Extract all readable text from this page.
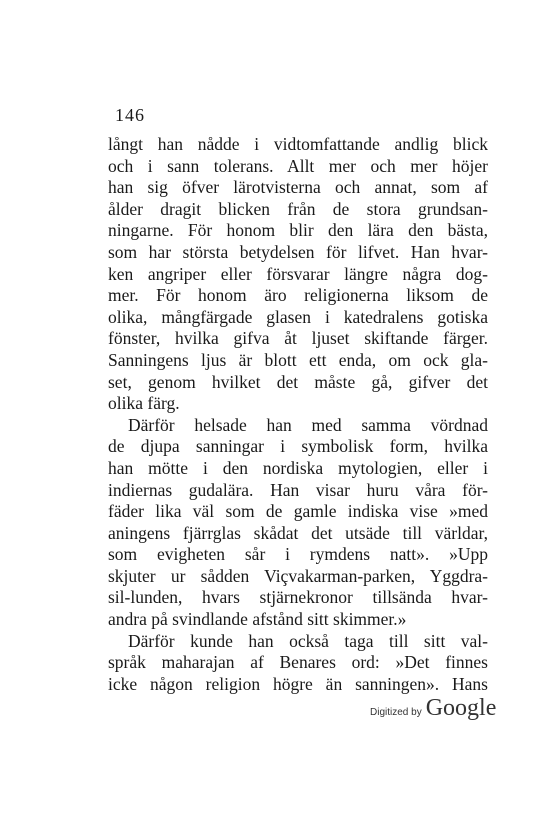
146
långt han nådde i vidtomfattande andlig blick
och i sann tolerans. Allt mer och mer höjer
han sig öfver lärotvisterna och annat, som af
ålder dragit blicken från de stora grundsan-
ningarne. För honom blir den lära den bästa,
som har största betydelsen för lifvet. Han hvar-
ken angriper eller försvarar längre några dog-
mer. För honom äro religionerna liksom de
olika, mångfärgade glasen i katedralens gotiska
fönster, hvilka gifva åt ljuset skiftande färger.
Sanningens ljus är blott ett enda, om ock gla-
set, genom hvilket det måste gå, gifver det
olika färg.
Därför helsade han med samma vördnad
de djupa sanningar i symbolisk form, hvilka
han mötte i den nordiska mytologien, eller i
indiernas gudalära. Han visar huru våra för-
fäder lika väl som de gamle indiska vise »med
aningens fjärrglas skådat det utsäde till världar,
som evigheten sår i rymdens natt». »Upp
skjuter ur sådden Viçvakarman-parken, Yggdra-
sil-lunden, hvars stjärnekronor tillsända hvar-
andra på svindlande afstånd sitt skimmer.»
Därför kunde han också taga till sitt val-
språk maharajan af Benares ord: »Det finnes
icke någon religion högre än sanningen». Hans
Digitized by Google
